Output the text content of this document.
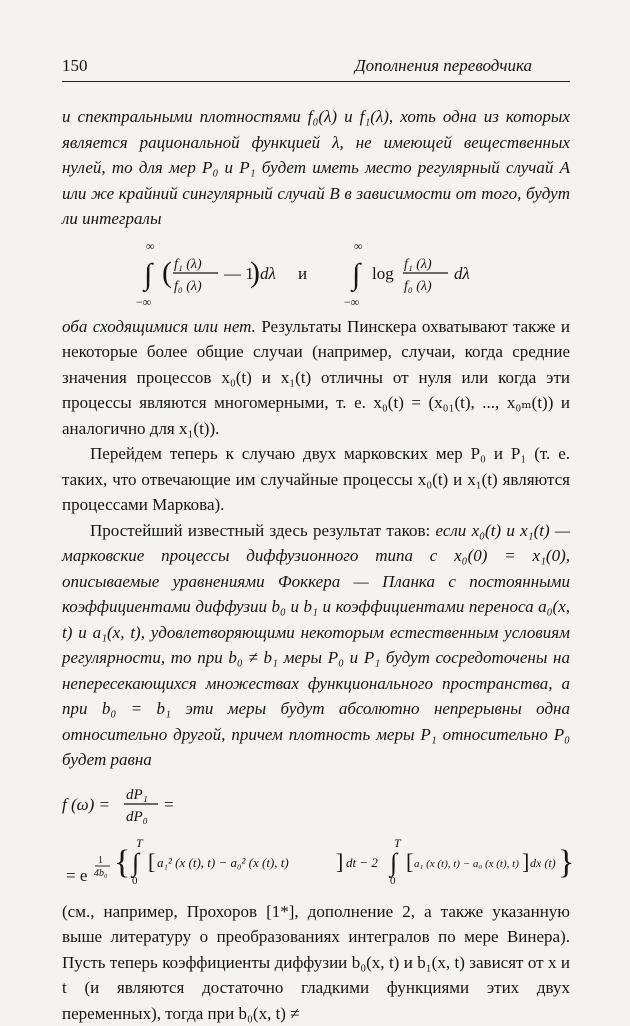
150	Дополнения переводчика

и спектральными плотностями f₀(λ) и f₁(λ), хоть одна из которых является рациональной функцией λ, не имеющей вещественных нулей, то для мер P₀ и P₁ будет иметь место регулярный случай A или же крайний сингулярный случай B в зависимости от того, будут ли интегралы

∞
∫
−∞
( f₁ (λ)
f₀ (λ)
— 1
) dλ и
∞
∫
−∞
log f₁ (λ)
f₀ (λ)
dλ

оба сходящимися или нет. Результаты Пинскера охватывают также и некоторые более общие случаи (например, случаи, когда средние значения процессов x₀(t) и x₁(t) отличны от нуля или когда эти процессы являются многомерными, т. е. x₀(t) = (x₀₁(t), ..., x₀ₘ(t)) и аналогично для x₁(t)).

Перейдем теперь к случаю двух марковских мер P₀ и P₁ (т. е. таких, что отвечающие им случайные процессы x₀(t) и x₁(t) являются процессами Маркова).

Простейший известный здесь результат таков: если x₀(t) и x₁(t) — марковские процессы диффузионного типа с x₀(0) = x₁(0), описываемые уравнениями Фоккера — Планка с постоянными коэффициентами диффузии b₀ и b₁ и коэффициентами переноса a₀(x, t) и a₁(x, t), удовлетворяющими некоторым естественным условиям регулярности, то при b₀ ≠ b₁ меры P₀ и P₁ будут сосредоточены на непересекающихся множествах функционального пространства, а при b₀ = b₁ эти меры будут абсолютно непрерывны одна относительно другой, причем плотность меры P₁ относительно P₀ будет равна

f (ω) = dP₁
dP₀
=
= e
1
4b₀ {
T
∫
0
[ a₁² (x (t), t) − a₀² (x (t), t) ] dt − 2
T
∫
0
[ a₁ (x (t), t) − a₀ (x (t), t) ] dx (t) }

(см., например, Прохоров [1*], дополнение 2, а также указанную выше литературу о преобразованиях интегралов по мере Винера). Пусть теперь коэффициенты диффузии b₀(x, t) и b₁(x, t) зависят от x и t (и являются достаточно гладкими функциями этих двух переменных), тогда при b₀(x, t) ≠
